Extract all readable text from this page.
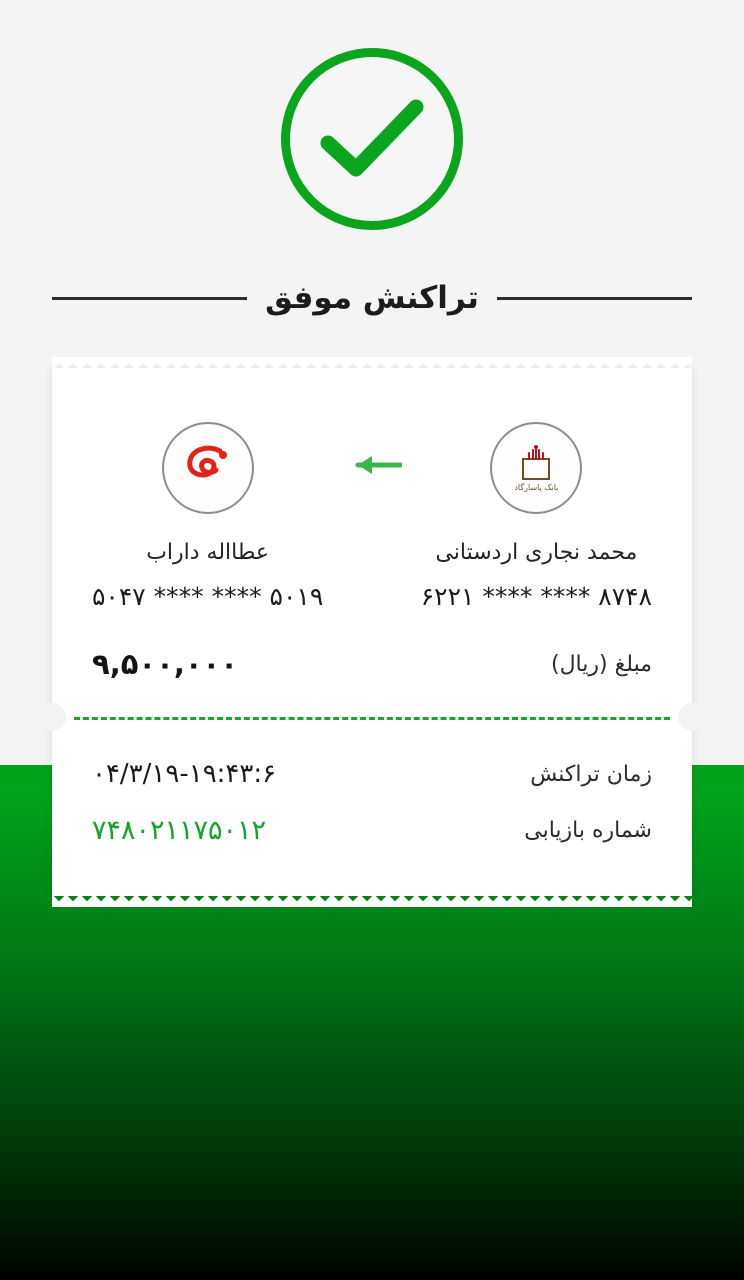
تراکنش موفق
بانک پاسارگاد
محمد نجاری اردستانی
۶۲۲۱ **** **** ۸۷۴۸
عطااله داراب
۵۰۴۷ **** **** ۵۰۱۹
مبلغ (ریال)
۹,۵۰۰,۰۰۰
زمان تراکنش
۰۴/۳/۱۹-۱۹:۴۳:۶
شماره بازیابی
۷۴۸۰۲۱۱۷۵۰۱۲
